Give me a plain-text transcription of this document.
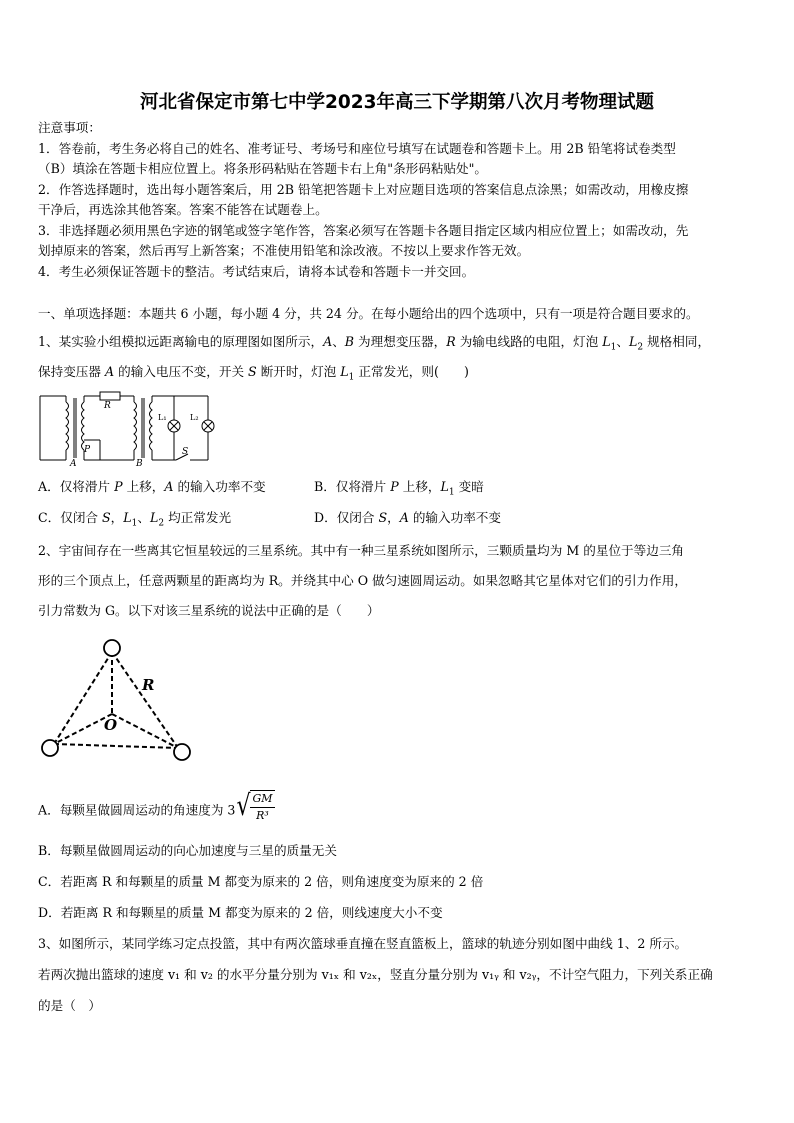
河北省保定市第七中学2023年高三下学期第八次月考物理试题
注意事项：
1．答卷前，考生务必将自己的姓名、准考证号、考场号和座位号填写在试题卷和答题卡上。用 2B 铅笔将试卷类型
（B）填涂在答题卡相应位置上。将条形码粘贴在答题卡右上角"条形码粘贴处"。
2．作答选择题时，选出每小题答案后，用 2B 铅笔把答题卡上对应题目选项的答案信息点涂黑；如需改动，用橡皮擦
干净后，再选涂其他答案。答案不能答在试题卷上。
3．非选择题必须用黑色字迹的钢笔或签字笔作答，答案必须写在答题卡各题目指定区域内相应位置上；如需改动，先
划掉原来的答案，然后再写上新答案；不准使用铅笔和涂改液。不按以上要求作答无效。
4．考生必须保证答题卡的整洁。考试结束后，请将本试卷和答题卡一并交回。
一、单项选择题：本题共 6 小题，每小题 4 分，共 24 分。在每小题给出的四个选项中，只有一项是符合题目要求的。
1、某实验小组模拟远距离输电的原理图如图所示，A、B 为理想变压器，R 为输电线路的电阻，灯泡 $L_1$、$L_2$ 规格相同，
保持变压器 A 的输入电压不变，开关 S 断开时，灯泡 $L_1$ 正常发光，则(　　)
R
P
A	B
S
L₁	L₂
A．仅将滑片 P 上移，A 的输入功率不变	B．仅将滑片 P 上移，$L_1$ 变暗
C．仅闭合 S，$L_1$、$L_2$ 均正常发光	D．仅闭合 S，A 的输入功率不变
2、宇宙间存在一些离其它恒星较远的三星系统。其中有一种三星系统如图所示，三颗质量均为 M 的星位于等边三角
形的三个顶点上，任意两颗星的距离均为 R。并绕其中心 O 做匀速圆周运动。如果忽略其它星体对它们的引力作用，
引力常数为 G。以下对该三星系统的说法中正确的是（　　）
R
O
A．每颗星做圆周运动的角速度为 $3√ \frac{GM}{\text{R³}}$
B．每颗星做圆周运动的向心加速度与三星的质量无关
C．若距离 R 和每颗星的质量 M 都变为原来的 2 倍，则角速度变为原来的 2 倍
D．若距离 R 和每颗星的质量 M 都变为原来的 2 倍，则线速度大小不变
3、如图所示，某同学练习定点投篮，其中有两次篮球垂直撞在竖直篮板上，篮球的轨迹分别如图中曲线 1、2 所示。
若两次抛出篮球的速度 v₁ 和 v₂ 的水平分量分别为 v₁ₓ 和 v₂ₓ，竖直分量分别为 v₁ᵧ 和 v₂ᵧ，不计空气阻力，下列关系正确
的是（　）
